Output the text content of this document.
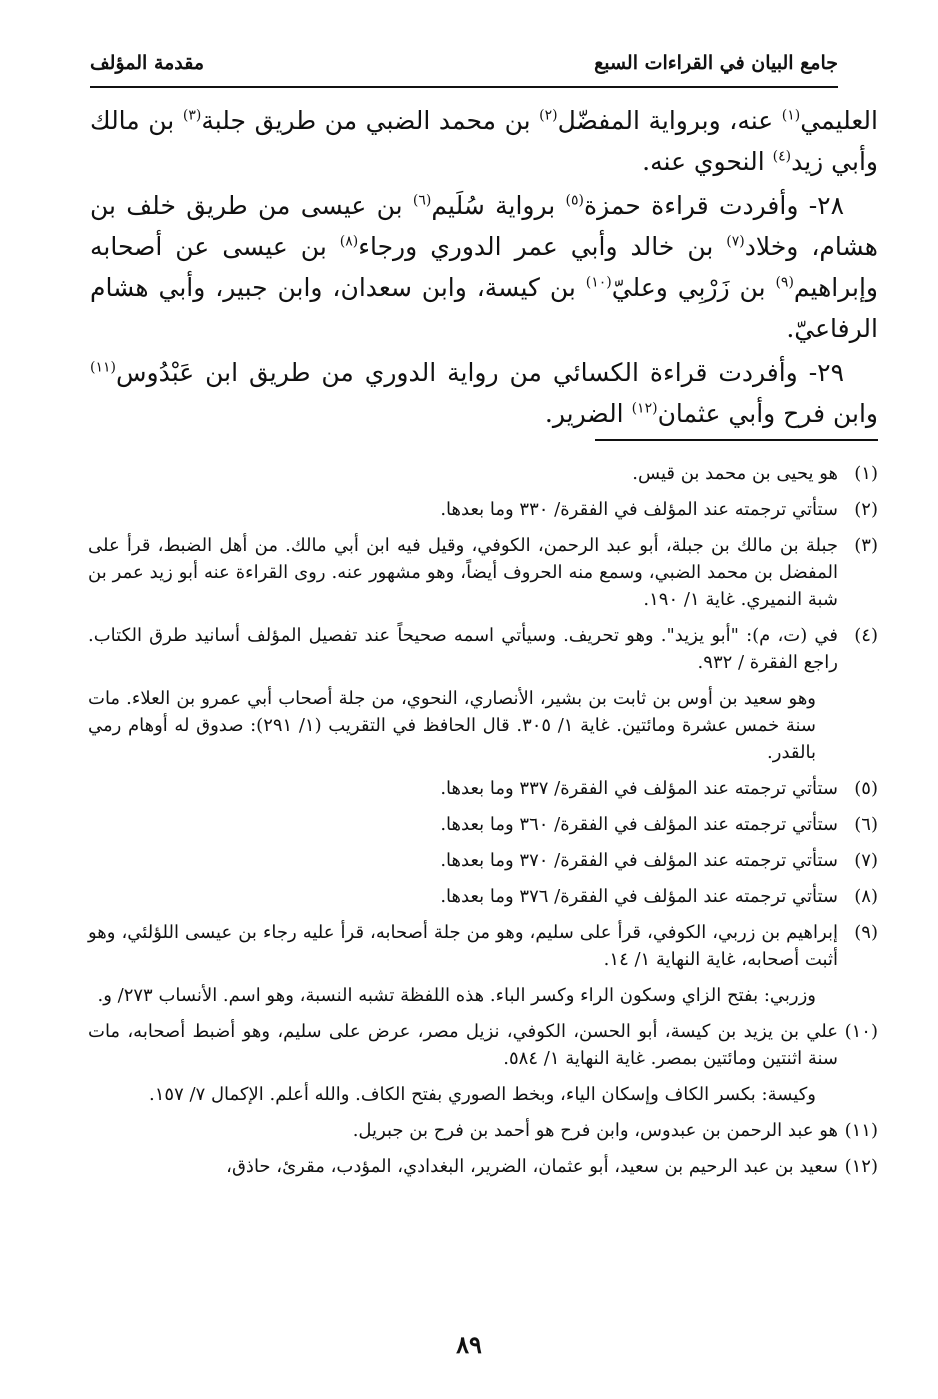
جامع البيان في القراءات السبع
مقدمة المؤلف

العليمي$^{(١)}$ عنه، وبرواية المفضّل$^{(٢)}$ بن محمد الضبي من طريق جلبة$^{(٣)}$ بن مالك وأبي زيد$^{(٤)}$ النحوي عنه.

٢٨- وأفردت قراءة حمزة$^{(٥)}$ برواية سُلَيم$^{(٦)}$ بن عيسى من طريق خلف بن هشام، وخلاد$^{(٧)}$ بن خالد وأبي عمر الدوري ورجاء$^{(٨)}$ بن عيسى عن أصحابه وإبراهيم$^{(٩)}$ بن زَرْبِي وعليّ$^{(١٠)}$ بن كيسة، وابن سعدان، وابن جبير، وأبي هشام الرفاعيّ.

٢٩- وأفردت قراءة الكسائي من رواية الدوري من طريق ابن عَبْدُوس$^{(١١)}$ وابن فرح وأبي عثمان$^{(١٢)}$ الضرير.

(١)
هو يحيى بن محمد بن قيس.

(٢)
ستأتي ترجمته عند المؤلف في الفقرة/ ٣٣٠ وما بعدها.

(٣)
جبلة بن مالك بن جبلة، أبو عبد الرحمن، الكوفي، وقيل فيه ابن أبي مالك. من أهل الضبط، قرأ على المفضل بن محمد الضبي، وسمع منه الحروف أيضاً، وهو مشهور عنه. روى القراءة عنه أبو زيد عمر بن شبة النميري. غاية ١/ ١٩٠.

(٤)
في (ت، م): "أبو يزيد". وهو تحريف. وسيأتي اسمه صحيحاً عند تفصيل المؤلف أسانيد طرق الكتاب. راجع الفقرة / ٩٣٢.

وهو سعيد بن أوس بن ثابت بن بشير، الأنصاري، النحوي، من جلة أصحاب أبي عمرو بن العلاء. مات سنة خمس عشرة ومائتين. غاية ١/ ٣٠٥. قال الحافظ في التقريب (١/ ٢٩١): صدوق له أوهام رمي بالقدر.

(٥)
ستأتي ترجمته عند المؤلف في الفقرة/ ٣٣٧ وما بعدها.

(٦)
ستأتي ترجمته عند المؤلف في الفقرة/ ٣٦٠ وما بعدها.

(٧)
ستأتي ترجمته عند المؤلف في الفقرة/ ٣٧٠ وما بعدها.

(٨)
ستأتي ترجمته عند المؤلف في الفقرة/ ٣٧٦ وما بعدها.

(٩)
إبراهيم بن زربي، الكوفي، قرأ على سليم، وهو من جلة أصحابه، قرأ عليه رجاء بن عيسى اللؤلئي، وهو أثبت أصحابه، غاية النهاية ١/ ١٤.

وزربي: بفتح الزاي وسكون الراء وكسر الباء. هذه اللفظة تشبه النسبة، وهو اسم. الأنساب ٢٧٣/ و.

(١٠)
علي بن يزيد بن كيسة، أبو الحسن، الكوفي، نزيل مصر، عرض على سليم، وهو أضبط أصحابه، مات سنة اثنتين ومائتين بمصر. غاية النهاية ١/ ٥٨٤.

وكيسة: بكسر الكاف وإسكان الياء، وبخط الصوري بفتح الكاف. والله أعلم. الإكمال ٧/ ١٥٧.

(١١)
هو عبد الرحمن بن عبدوس، وابن فرح هو أحمد بن فرح بن جبريل.

(١٢)
سعيد بن عبد الرحيم بن سعيد، أبو عثمان، الضرير، البغدادي، المؤدب، مقرئ، حاذق،

٨٩
